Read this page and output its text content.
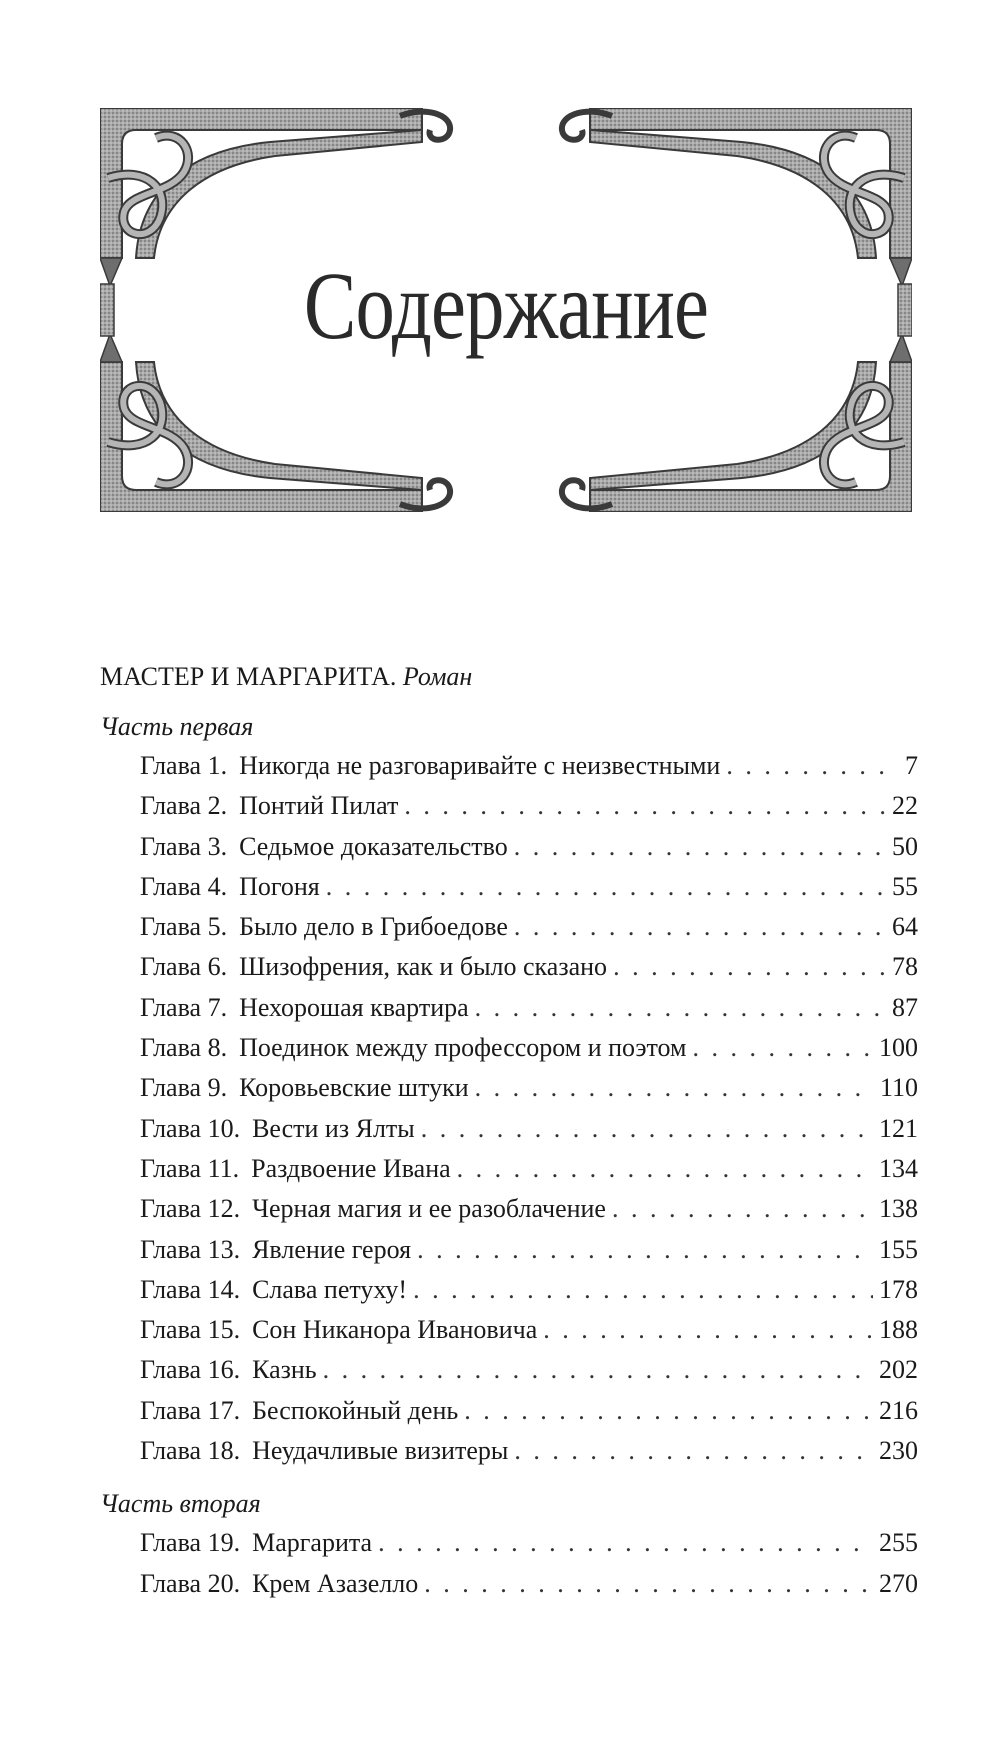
Содержание
МАСТЕР И МАРГАРИТА. Роман
Часть первая
Глава 1. Никогда не разговаривайте с неизвестными . . .	7
Глава 2. Понтий Пилат . . .	22
Глава 3. Седьмое доказательство . . .	50
Глава 4. Погоня . . .	55
Глава 5. Было дело в Грибоедове . . .	64
Глава 6. Шизофрения, как и было сказано . . .	78
Глава 7. Нехорошая квартира . . .	87
Глава 8. Поединок между профессором и поэтом . . .	100
Глава 9. Коровьевские штуки . . .	110
Глава 10. Вести из Ялты . . .	121
Глава 11. Раздвоение Ивана . . .	134
Глава 12. Черная магия и ее разоблачение . . .	138
Глава 13. Явление героя . . .	155
Глава 14. Слава петуху! . . .	178
Глава 15. Сон Никанора Ивановича . . .	188
Глава 16. Казнь . . .	202
Глава 17. Беспокойный день . . .	216
Глава 18. Неудачливые визитеры . . .	230
Часть вторая
Глава 19. Маргарита . . .	255
Глава 20. Крем Азазелло . . .	270
